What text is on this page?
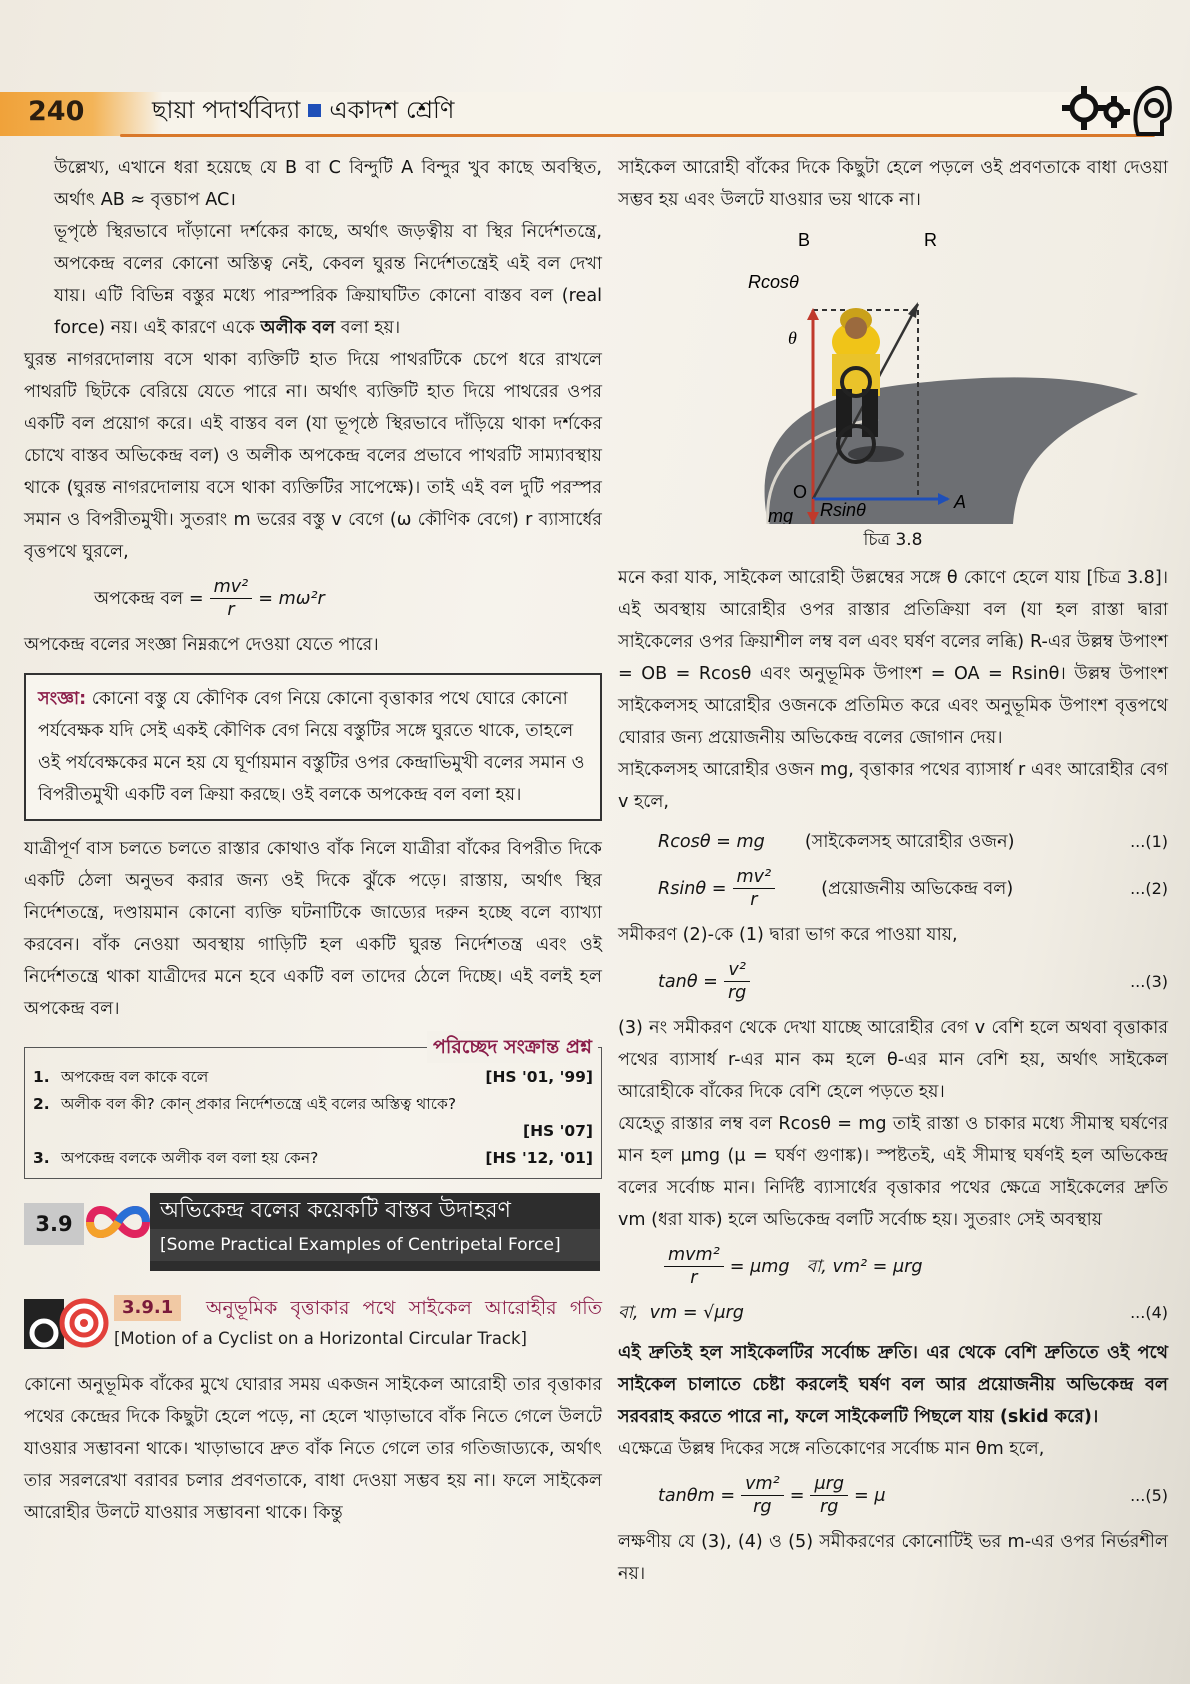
240	ছায়া পদার্থবিদ্যা একাদশ শ্রেণি

উল্লেখ্য, এখানে ধরা হয়েছে যে B বা C বিন্দুটি A বিন্দুর খুব কাছে অবস্থিত, অর্থাৎ AB ≈ বৃত্তচাপ AC।

ভূপৃষ্ঠে স্থিরভাবে দাঁড়ানো দর্শকের কাছে, অর্থাৎ জড়ত্বীয় বা স্থির নির্দেশতন্ত্রে, অপকেন্দ্র বলের কোনো অস্তিত্ব নেই, কেবল ঘুরন্ত নির্দেশতন্ত্রেই এই বল দেখা যায়। এটি বিভিন্ন বস্তুর মধ্যে পারস্পরিক ক্রিয়াঘটিত কোনো বাস্তব বল (real force) নয়। এই কারণে একে অলীক বল বলা হয়।

ঘুরন্ত নাগরদোলায় বসে থাকা ব্যক্তিটি হাত দিয়ে পাথরটিকে চেপে ধরে রাখলে পাথরটি ছিটকে বেরিয়ে যেতে পারে না। অর্থাৎ ব্যক্তিটি হাত দিয়ে পাথরের ওপর একটি বল প্রয়োগ করে। এই বাস্তব বল (যা ভূপৃষ্ঠে স্থিরভাবে দাঁড়িয়ে থাকা দর্শকের চোখে বাস্তব অভিকেন্দ্র বল) ও অলীক অপকেন্দ্র বলের প্রভাবে পাথরটি সাম্যাবস্থায় থাকে (ঘুরন্ত নাগরদোলায় বসে থাকা ব্যক্তিটির সাপেক্ষে)। তাই এই বল দুটি পরস্পর সমান ও বিপরীতমুখী। সুতরাং m ভরের বস্তু v বেগে (ω কৌণিক বেগে) r ব্যাসার্ধের বৃত্তপথে ঘুরলে,

অপকেন্দ্র বল = $\frac{\text{mv²}}{r} = m\omega^2r$

অপকেন্দ্র বলের সংজ্ঞা নিম্নরূপে দেওয়া যেতে পারে।

সংজ্ঞা: কোনো বস্তু যে কৌণিক বেগ নিয়ে কোনো বৃত্তাকার পথে ঘোরে কোনো পর্যবেক্ষক যদি সেই একই কৌণিক বেগ নিয়ে বস্তুটির সঙ্গে ঘুরতে থাকে, তাহলে ওই পর্যবেক্ষকের মনে হয় যে ঘূর্ণায়মান বস্তুটির ওপর কেন্দ্রাভিমুখী বলের সমান ও বিপরীতমুখী একটি বল ক্রিয়া করছে। ওই বলকে অপকেন্দ্র বল বলা হয়।

যাত্রীপূর্ণ বাস চলতে চলতে রাস্তার কোথাও বাঁক নিলে যাত্রীরা বাঁকের বিপরীত দিকে একটি ঠেলা অনুভব করার জন্য ওই দিকে ঝুঁকে পড়ে। রাস্তায়, অর্থাৎ স্থির নির্দেশতন্ত্রে, দণ্ডায়মান কোনো ব্যক্তি ঘটনাটিকে জাড্যের দরুন হচ্ছে বলে ব্যাখ্যা করবেন। বাঁক নেওয়া অবস্থায় গাড়িটি হল একটি ঘুরন্ত নির্দেশতন্ত্র এবং ওই নির্দেশতন্ত্রে থাকা যাত্রীদের মনে হবে একটি বল তাদের ঠেলে দিচ্ছে। এই বলই হল অপকেন্দ্র বল।

পরিচ্ছেদ সংক্রান্ত প্রশ্ন
1. অপকেন্দ্র বল কাকে বলে	[HS '01, '99]
2. অলীক বল কী? কোন্ প্রকার নির্দেশতন্ত্রে এই বলের অস্তিত্ব থাকে?
[HS '07]
3. অপকেন্দ্র বলকে অলীক বল বলা হয় কেন?	[HS '12, '01]
3.9
অভিকেন্দ্র বলের কয়েকটি বাস্তব উদাহরণ
[Some Practical Examples of Centripetal Force]
3.9.1	অনুভূমিক বৃত্তাকার পথে সাইকেল আরোহীর গতি [Motion of a Cyclist on a Horizontal Circular Track]

কোনো অনুভূমিক বাঁকের মুখে ঘোরার সময় একজন সাইকেল আরোহী তার বৃত্তাকার পথের কেন্দ্রের দিকে কিছুটা হেলে পড়ে, না হেলে খাড়াভাবে বাঁক নিতে গেলে উলটে যাওয়ার সম্ভাবনা থাকে। খাড়াভাবে দ্রুত বাঁক নিতে গেলে তার গতিজাড্যকে, অর্থাৎ তার সরলরেখা বরাবর চলার প্রবণতাকে, বাধা দেওয়া সম্ভব হয় না। ফলে সাইকেল আরোহীর উলটে যাওয়ার সম্ভাবনা থাকে। কিন্তু

সাইকেল আরোহী বাঁকের দিকে কিছুটা হেলে পড়লে ওই প্রবণতাকে বাধা দেওয়া সম্ভব হয় এবং উলটে যাওয়ার ভয় থাকে না।

B	R
Rcosθ
θ
O	A
Rsinθ
mg
চিত্র 3.8

মনে করা যাক, সাইকেল আরোহী উল্লম্বের সঙ্গে θ কোণে হেলে যায় [চিত্র 3.8]। এই অবস্থায় আরোহীর ওপর রাস্তার প্রতিক্রিয়া বল (যা হল রাস্তা দ্বারা সাইকেলের ওপর ক্রিয়াশীল লম্ব বল এবং ঘর্ষণ বলের লব্ধি) R-এর উল্লম্ব উপাংশ = OB = Rcosθ এবং অনুভূমিক উপাংশ = OA = Rsinθ। উল্লম্ব উপাংশ সাইকেলসহ আরোহীর ওজনকে প্রতিমিত করে এবং অনুভূমিক উপাংশ বৃত্তপথে ঘোরার জন্য প্রয়োজনীয় অভিকেন্দ্র বলের জোগান দেয়।

সাইকেলসহ আরোহীর ওজন mg, বৃত্তাকার পথের ব্যাসার্ধ r এবং আরোহীর বেগ v হলে,

Rcosθ = mg (সাইকেলসহ আরোহীর ওজন)	...(1)
$Rsin\theta = \frac{\text{mv²}}{r}$	(প্রয়োজনীয় অভিকেন্দ্র বল)	...(2)

সমীকরণ (2)-কে (1) দ্বারা ভাগ করে পাওয়া যায়,

$\tan\theta = \frac{\text{v²}}{rg}$	...(3)

(3) নং সমীকরণ থেকে দেখা যাচ্ছে আরোহীর বেগ v বেশি হলে অথবা বৃত্তাকার পথের ব্যাসার্ধ r-এর মান কম হলে θ-এর মান বেশি হয়, অর্থাৎ সাইকেল আরোহীকে বাঁকের দিকে বেশি হেলে পড়তে হয়।

যেহেতু রাস্তার লম্ব বল Rcosθ = mg তাই রাস্তা ও চাকার মধ্যে সীমাস্থ ঘর্ষণের মান হল μmg (μ = ঘর্ষণ গুণাঙ্ক)। স্পষ্টতই, এই সীমাস্থ ঘর্ষণই হল অভিকেন্দ্র বলের সর্বোচ্চ মান। নির্দিষ্ট ব্যাসার্ধের বৃত্তাকার পথের ক্ষেত্রে সাইকেলের দ্রুতি vm (ধরা যাক) হলে অভিকেন্দ্র বলটি সর্বোচ্চ হয়। সুতরাং সেই অবস্থায়

$\frac{\text{mvm²}}{r} = \mu mg$   বা, vm² = μrg
বা,  vm = √μrg	...(4)

এই দ্রুতিই হল সাইকেলটির সর্বোচ্চ দ্রুতি। এর থেকে বেশি দ্রুতিতে ওই পথে সাইকেল চালাতে চেষ্টা করলেই ঘর্ষণ বল আর প্রয়োজনীয় অভিকেন্দ্র বল সরবরাহ করতে পারে না, ফলে সাইকেলটি পিছলে যায় (skid করে)।

এক্ষেত্রে উল্লম্ব দিকের সঙ্গে নতিকোণের সর্বোচ্চ মান θm হলে,

$\tan\theta m = \frac{\text{vm²}}{rg} = \frac{\text{μrg}}{rg} = \mu$	...(5)

লক্ষণীয় যে (3), (4) ও (5) সমীকরণের কোনোটিই ভর m-এর ওপর নির্ভরশীল নয়।
